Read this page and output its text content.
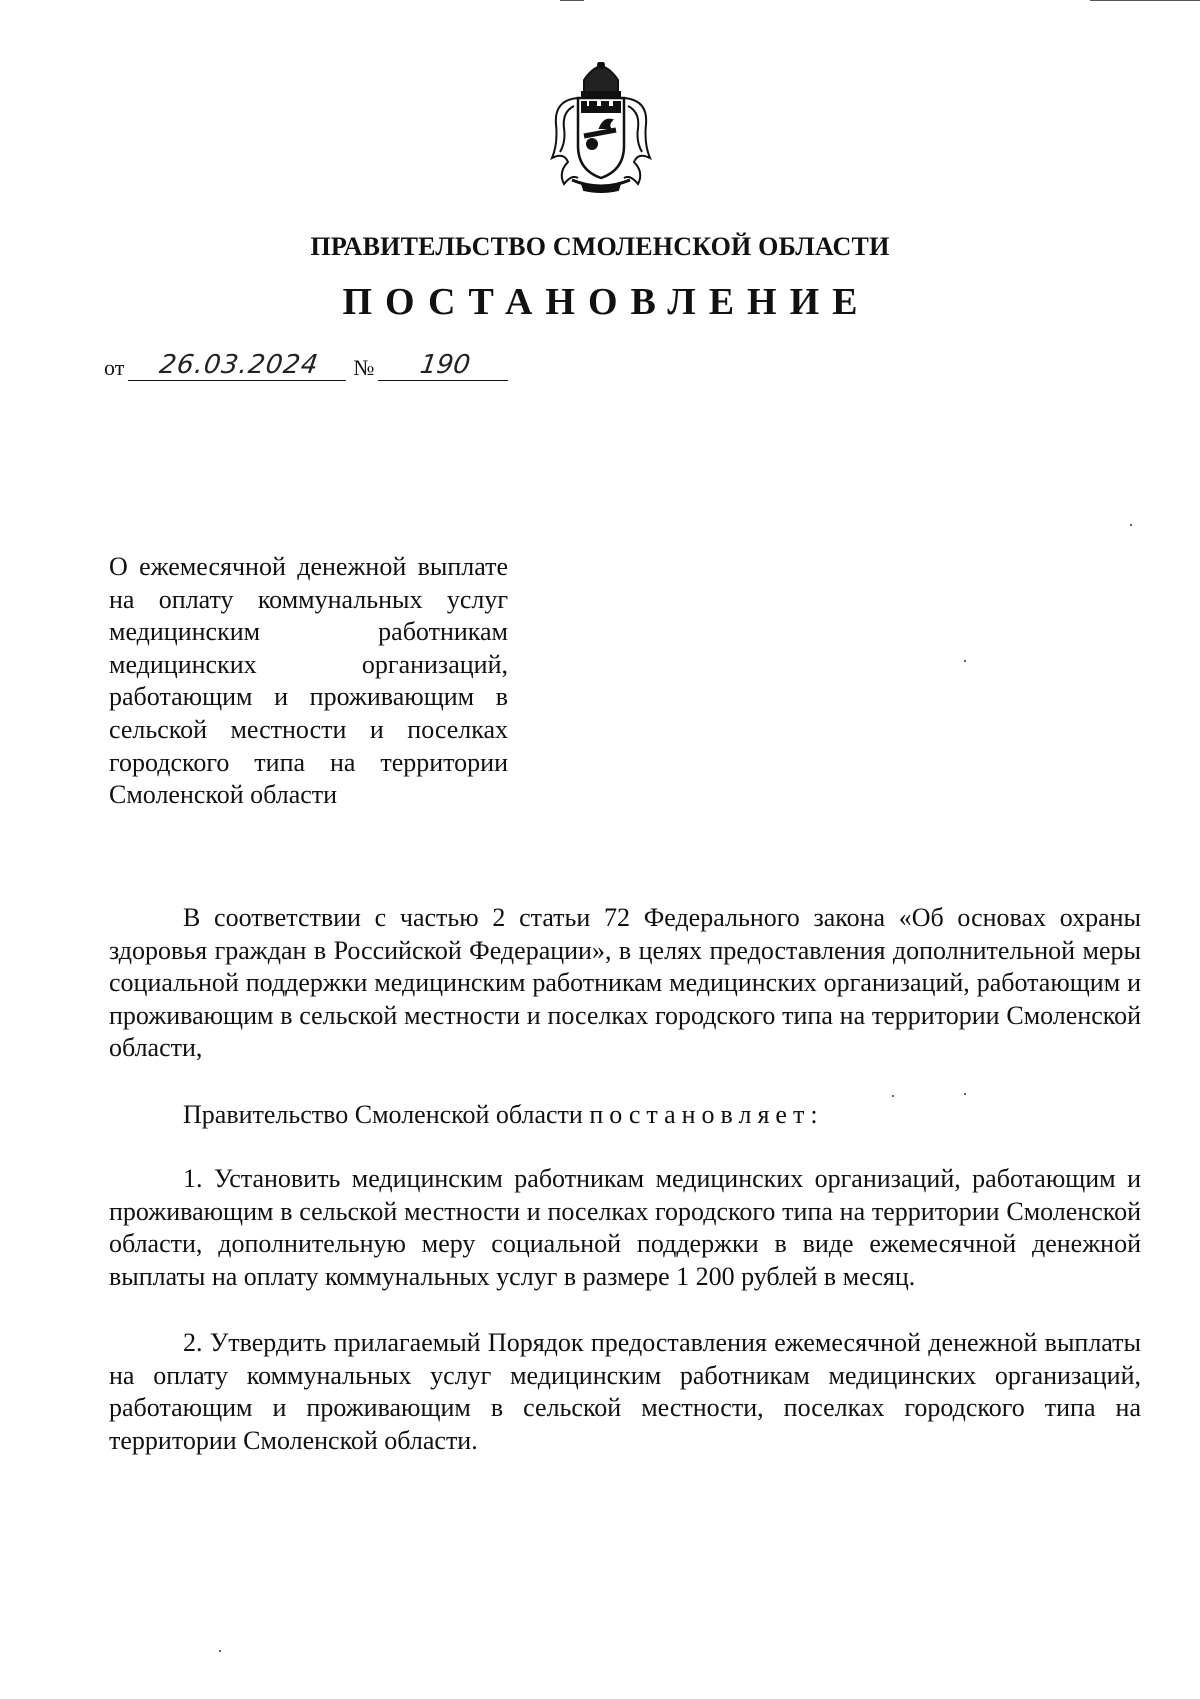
ПРАВИТЕЛЬСТВО СМОЛЕНСКОЙ ОБЛАСТИ
ПОСТАНОВЛЕНИЕ
от 26.03.2024 № 190
О ежемесячной денежной выплате на оплату коммунальных услуг медицинским работникам медицинских организаций, работающим и проживающим в сельской местности и поселках городского типа на территории Смоленской области
В соответствии с частью 2 статьи 72 Федерального закона «Об основах охраны здоровья граждан в Российской Федерации», в целях предоставления дополнительной меры социальной поддержки медицинским работникам медицинских организаций, работающим и проживающим в сельской местности и поселках городского типа на территории Смоленской области,
Правительство Смоленской области постановляет:
1. Установить медицинским работникам медицинских организаций, работающим и проживающим в сельской местности и поселках городского типа на территории Смоленской области, дополнительную меру социальной поддержки в виде ежемесячной денежной выплаты на оплату коммунальных услуг в размере 1 200 рублей в месяц.
2. Утвердить прилагаемый Порядок предоставления ежемесячной денежной выплаты на оплату коммунальных услуг медицинским работникам медицинских организаций, работающим и проживающим в сельской местности, поселках городского типа на территории Смоленской области.
